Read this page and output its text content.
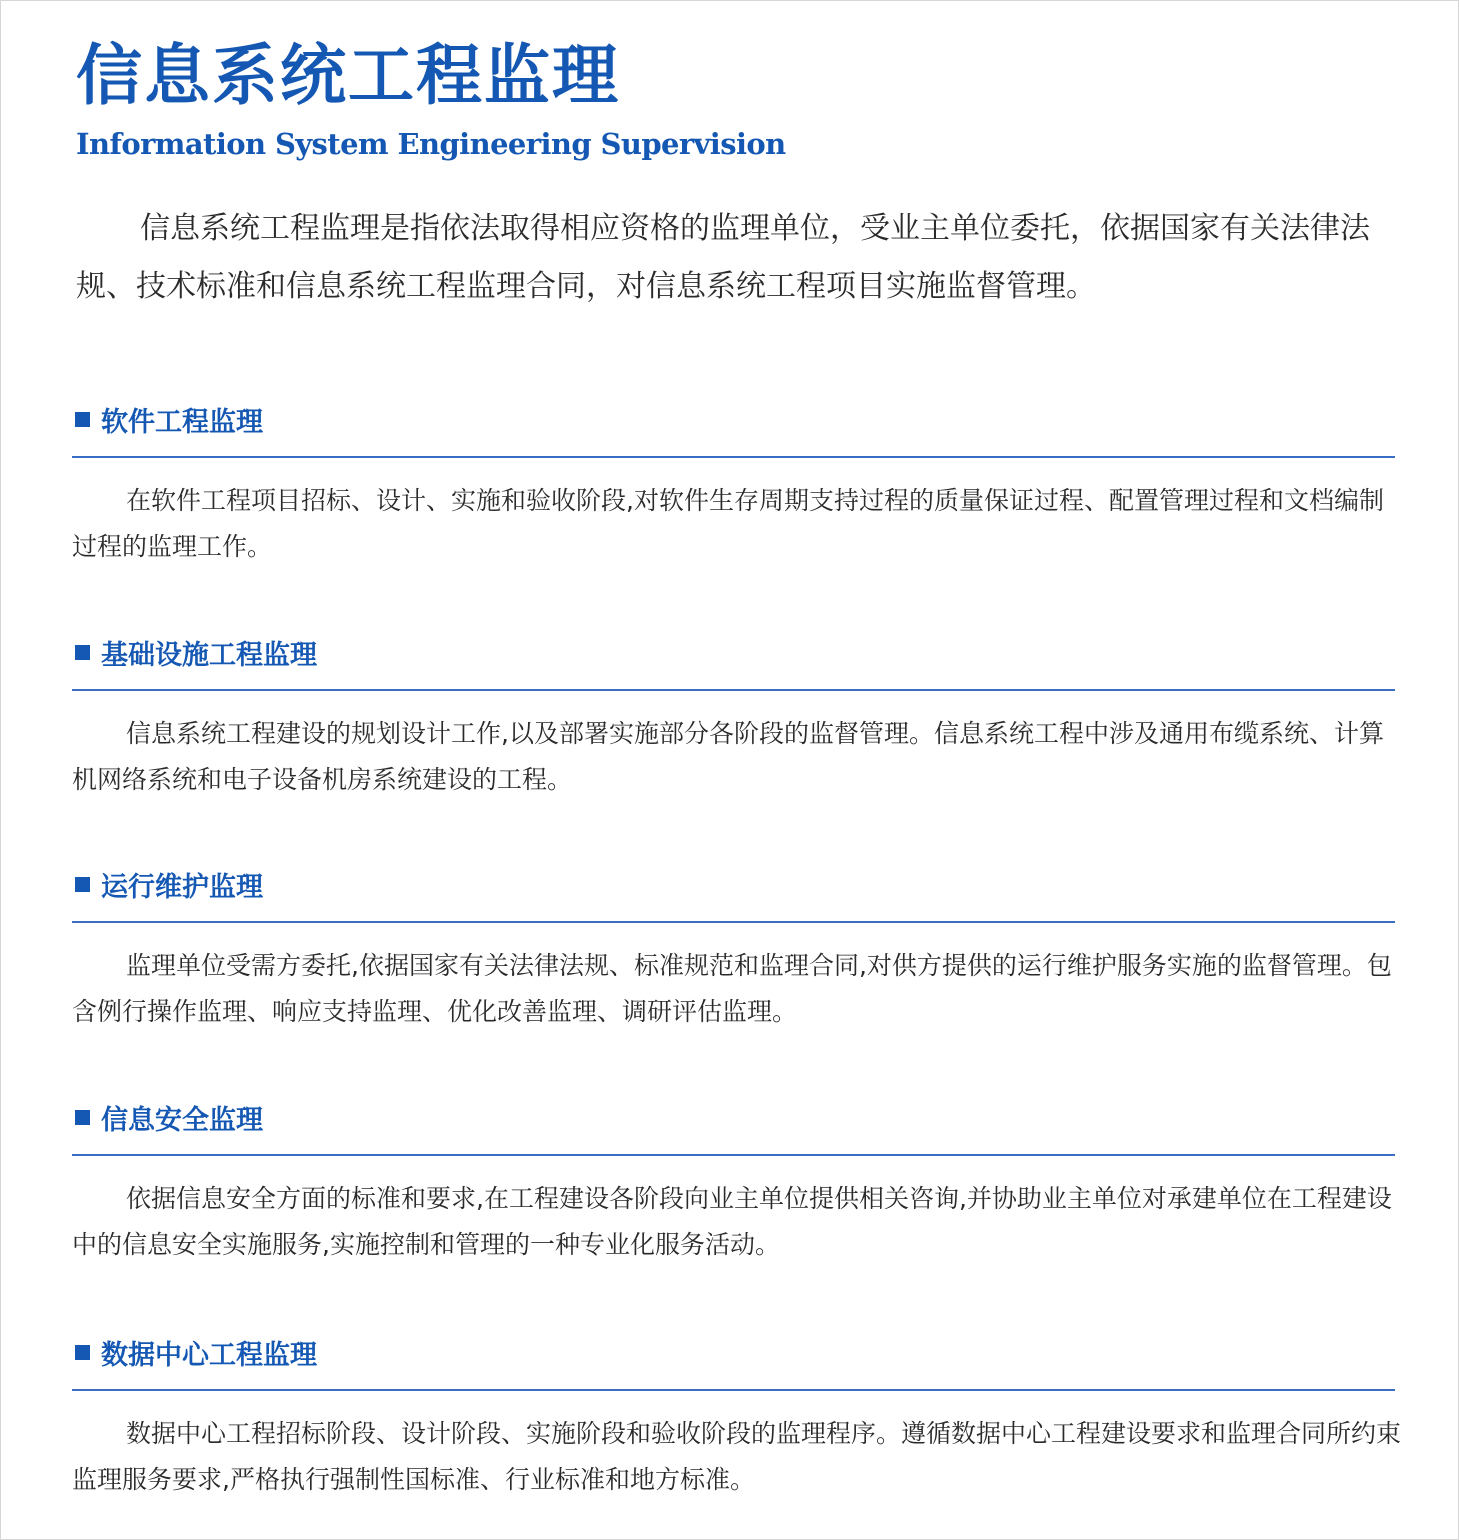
信息系统工程监理
Information System Engineering Supervision

信息系统工程监理是指依法取得相应资格的监理单位，受业主单位委托，依据国家有关法律法规、技术标准和信息系统工程监理合同，对信息系统工程项目实施监督管理。

软件工程监理

在软件工程项目招标、设计、实施和验收阶段,对软件生存周期支持过程的质量保证过程、配置管理过程和文档编制过程的监理工作。

基础设施工程监理

信息系统工程建设的规划设计工作,以及部署实施部分各阶段的监督管理。信息系统工程中涉及通用布缆系统、计算机网络系统和电子设备机房系统建设的工程。

运行维护监理

监理单位受需方委托,依据国家有关法律法规、标准规范和监理合同,对供方提供的运行维护服务实施的监督管理。包含例行操作监理、响应支持监理、优化改善监理、调研评估监理。

信息安全监理

依据信息安全方面的标准和要求,在工程建设各阶段向业主单位提供相关咨询,并协助业主单位对承建单位在工程建设中的信息安全实施服务,实施控制和管理的一种专业化服务活动。

数据中心工程监理

数据中心工程招标阶段、设计阶段、实施阶段和验收阶段的监理程序。遵循数据中心工程建设要求和监理合同所约束监理服务要求,严格执行强制性国标准、行业标准和地方标准。
